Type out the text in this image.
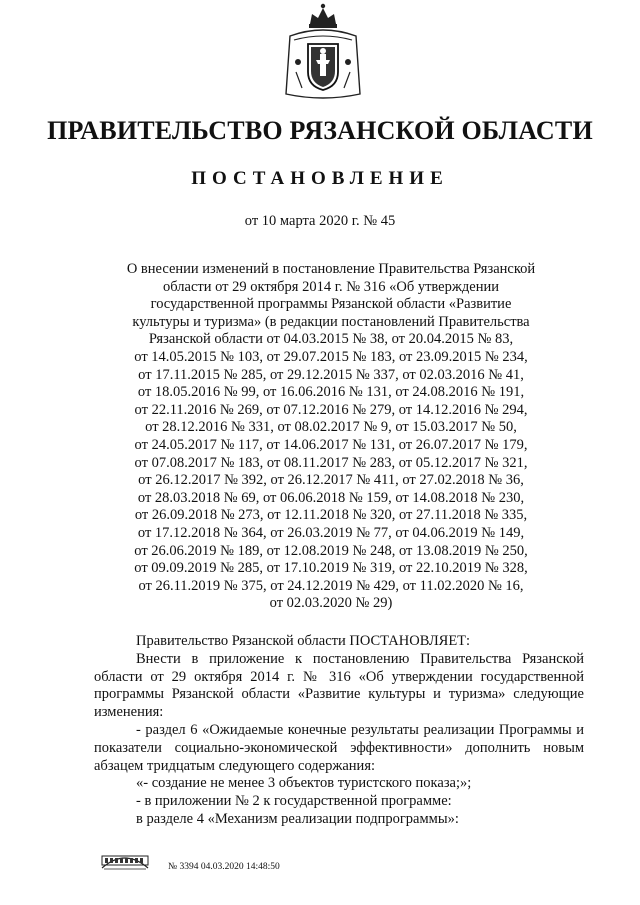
ПРАВИТЕЛЬСТВО РЯЗАНСКОЙ ОБЛАСТИ
ПОСТАНОВЛЕНИЕ

от 10 марта 2020 г. № 45

О внесении изменений в постановление Правительства Рязанской
области от 29 октября 2014 г. № 316 «Об утверждении
государственной программы Рязанской области «Развитие
культуры и туризма» (в редакции постановлений Правительства
Рязанской области от 04.03.2015 № 38, от 20.04.2015 № 83,
от 14.05.2015 № 103, от 29.07.2015 № 183, от 23.09.2015 № 234,
от 17.11.2015 № 285, от 29.12.2015 № 337, от 02.03.2016 № 41,
от 18.05.2016 № 99, от 16.06.2016 № 131, от 24.08.2016 № 191,
от 22.11.2016 № 269, от 07.12.2016 № 279, от 14.12.2016 № 294,
от 28.12.2016 № 331, от 08.02.2017 № 9, от 15.03.2017 № 50,
от 24.05.2017 № 117, от 14.06.2017 № 131, от 26.07.2017 № 179,
от 07.08.2017 № 183, от 08.11.2017 № 283, от 05.12.2017 № 321,
от 26.12.2017 № 392, от 26.12.2017 № 411, от 27.02.2018 № 36,
от 28.03.2018 № 69, от 06.06.2018 № 159, от 14.08.2018 № 230,
от 26.09.2018 № 273, от 12.11.2018 № 320, от 27.11.2018 № 335,
от 17.12.2018 № 364, от 26.03.2019 № 77, от 04.06.2019 № 149,
от 26.06.2019 № 189, от 12.08.2019 № 248, от 13.08.2019 № 250,
от 09.09.2019 № 285, от 17.10.2019 № 319, от 22.10.2019 № 328,
от 26.11.2019 № 375, от 24.12.2019 № 429, от 11.02.2020 № 16,
от 02.03.2020 № 29)

Правительство Рязанской области ПОСТАНОВЛЯЕТ:

Внести в приложение к постановлению Правительства Рязанской области от 29 октября 2014 г. № 316 «Об утверждении государственной программы Рязанской области «Развитие культуры и туризма» следующие изменения:

- раздел 6 «Ожидаемые конечные результаты реализации Программы и показатели социально-экономической эффективности» дополнить новым абзацем тридцатым следующего содержания:

«- создание не менее 3 объектов туристского показа;»;

- в приложении № 2 к государственной программе:

в разделе 4 «Механизм реализации подпрограммы»:

№ 3394 04.03.2020 14:48:50
